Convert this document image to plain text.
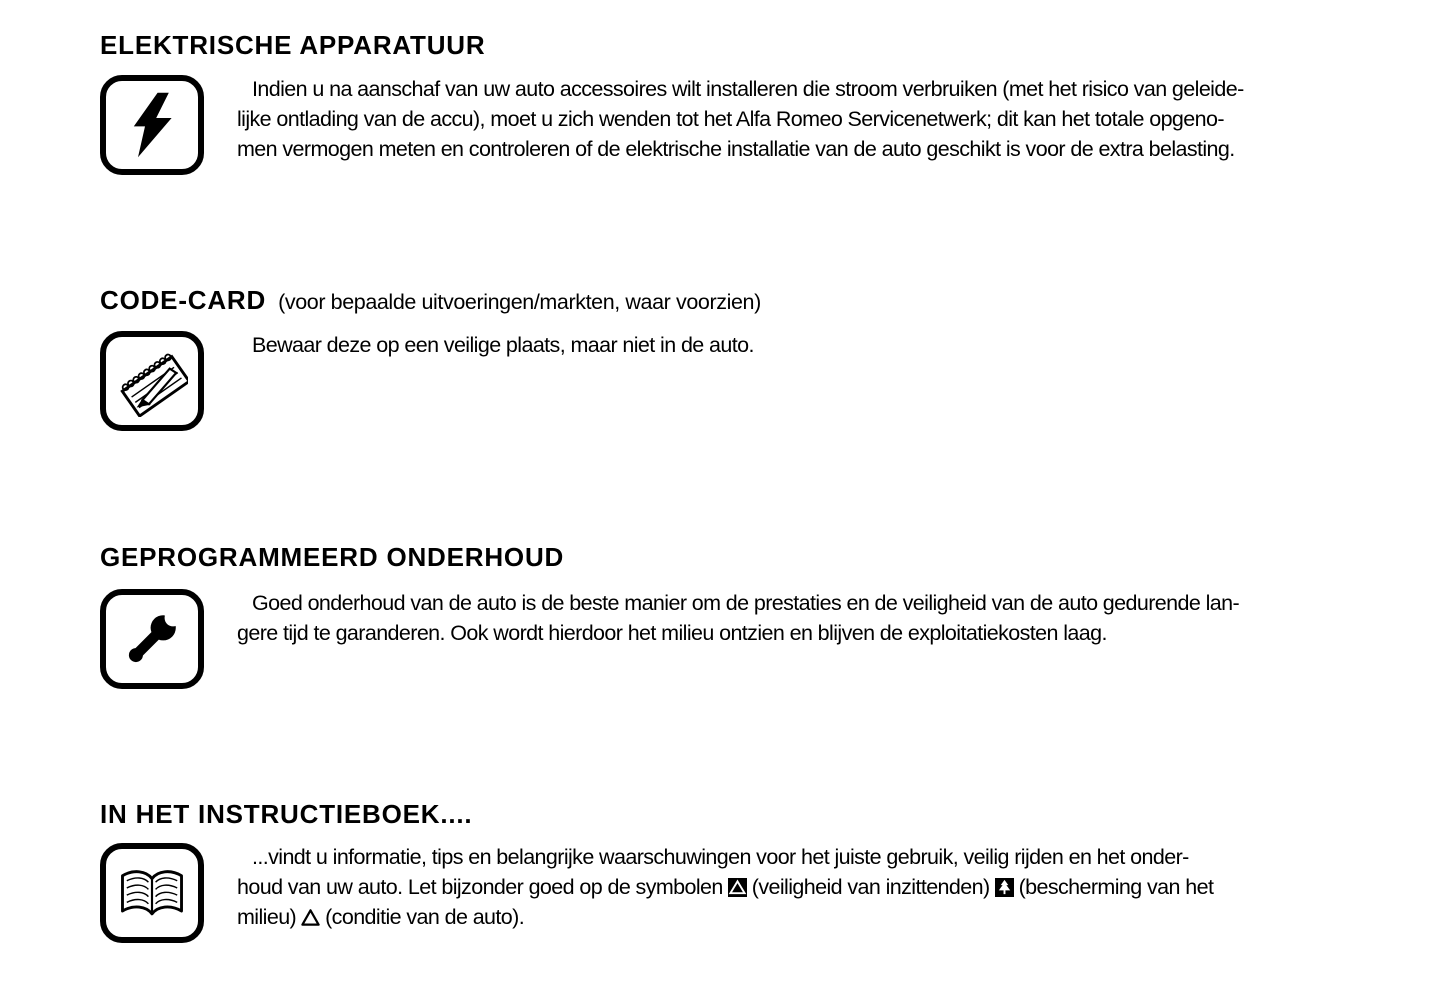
ELEKTRISCHE APPARATUUR
Indien u na aanschaf van uw auto accessoires wilt installeren die stroom verbruiken (met het risico van geleide-
lijke ontlading van de accu), moet u zich wenden tot het Alfa Romeo Servicenetwerk; dit kan het totale opgeno-
men vermogen meten en controleren of de elektrische installatie van de auto geschikt is voor de extra belasting.
CODE-CARD (voor bepaalde uitvoeringen/markten, waar voorzien)
Bewaar deze op een veilige plaats, maar niet in de auto.
GEPROGRAMMEERD ONDERHOUD
Goed onderhoud van de auto is de beste manier om de prestaties en de veiligheid van de auto gedurende lan-
gere tijd te garanderen. Ook wordt hierdoor het milieu ontzien en blijven de exploitatiekosten laag.
IN HET INSTRUCTIEBOEK....
...vindt u informatie, tips en belangrijke waarschuwingen voor het juiste gebruik, veilig rijden en het onder-
houd van uw auto. Let bijzonder goed op de symbolen (veiligheid van inzittenden) (bescherming van het
milieu) (conditie van de auto).
